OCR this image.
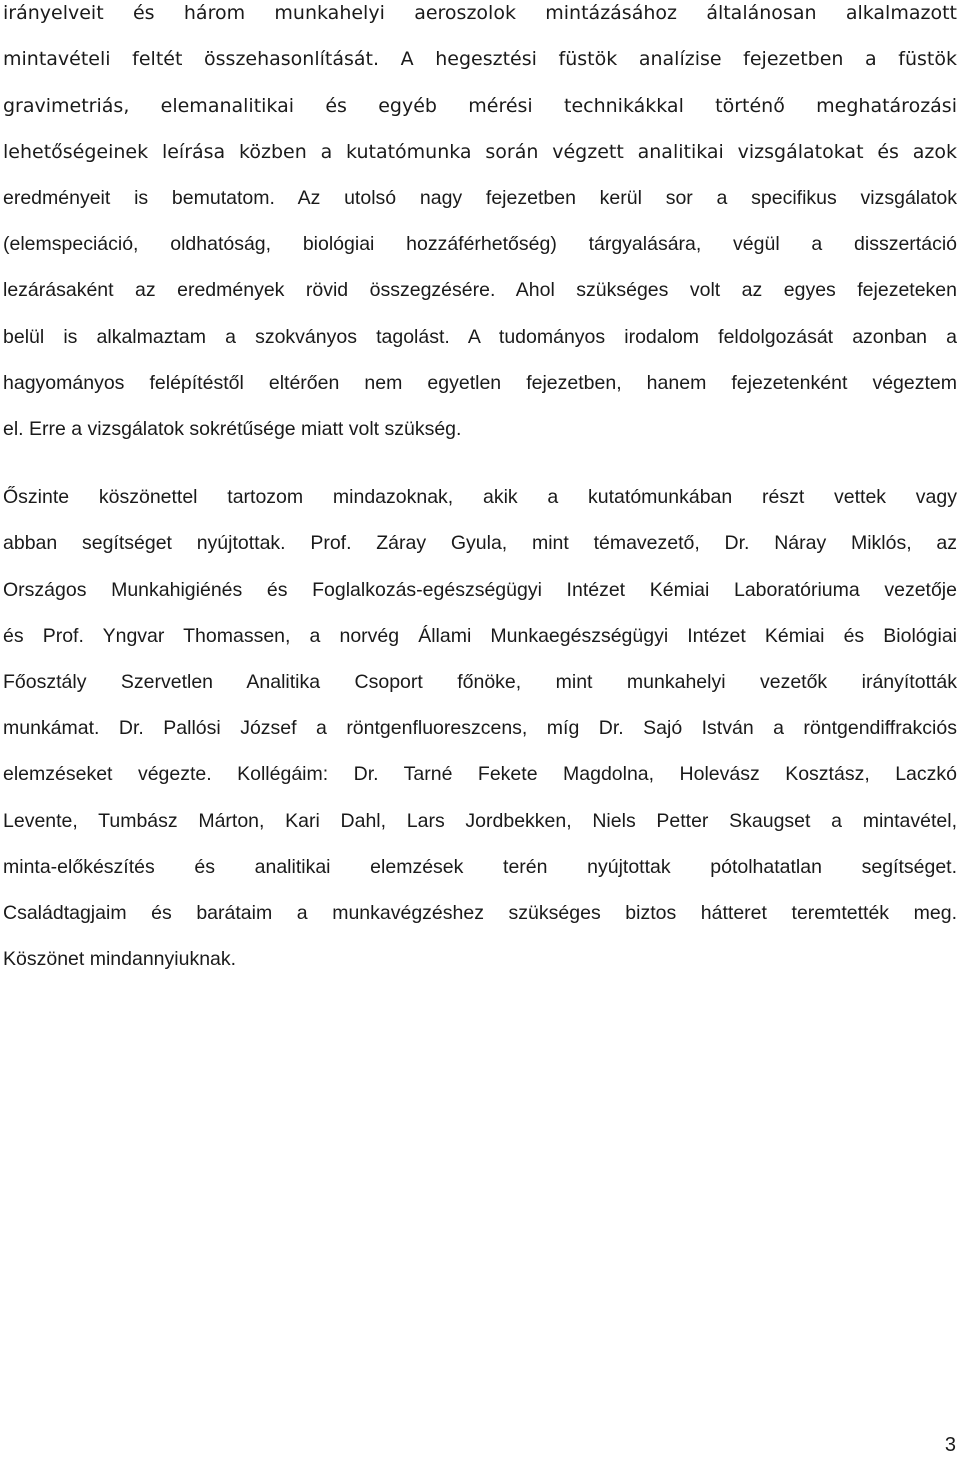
irányelveit és három munkahelyi aeroszolok mintázásához általánosan alkalmazott
mintavételi feltét összehasonlítását. A hegesztési füstök analízise fejezetben a füstök
gravimetriás, elemanalitikai és egyéb mérési technikákkal történő meghatározási
lehetőségeinek leírása közben a kutatómunka során végzett analitikai vizsgálatokat és azok
eredményeit is bemutatom. Az utolsó nagy fejezetben kerül sor a specifikus vizsgálatok
(elemspeciáció, oldhatóság, biológiai hozzáférhetőség) tárgyalására, végül a disszertáció
lezárásaként az eredmények rövid összegzésére. Ahol szükséges volt az egyes fejezeteken
belül is alkalmaztam a szokványos tagolást. A tudományos irodalom feldolgozását azonban a
hagyományos felépítéstől eltérően nem egyetlen fejezetben, hanem fejezetenként végeztem
el. Erre a vizsgálatok sokrétűsége miatt volt szükség.
Őszinte köszönettel tartozom mindazoknak, akik a kutatómunkában részt vettek vagy
abban segítséget nyújtottak. Prof. Záray Gyula, mint témavezető, Dr. Náray Miklós, az
Országos Munkahigiénés és Foglalkozás-egészségügyi Intézet Kémiai Laboratóriuma vezetője
és Prof. Yngvar Thomassen, a norvég Állami Munkaegészségügyi Intézet Kémiai és Biológiai
Főosztály Szervetlen Analitika Csoport főnöke, mint munkahelyi vezetők irányították
munkámat. Dr. Pallósi József a röntgenfluoreszcens, míg Dr. Sajó István a röntgendiffrakciós
elemzéseket végezte. Kollégáim: Dr. Tarné Fekete Magdolna, Holevász Kosztász, Laczkó
Levente, Tumbász Márton, Kari Dahl, Lars Jordbekken, Niels Petter Skaugset a mintavétel,
minta-előkészítés és analitikai elemzések terén nyújtottak pótolhatatlan segítséget.
Családtagjaim és barátaim a munkavégzéshez szükséges biztos hátteret teremtették meg.
Köszönet mindannyiuknak.
3
